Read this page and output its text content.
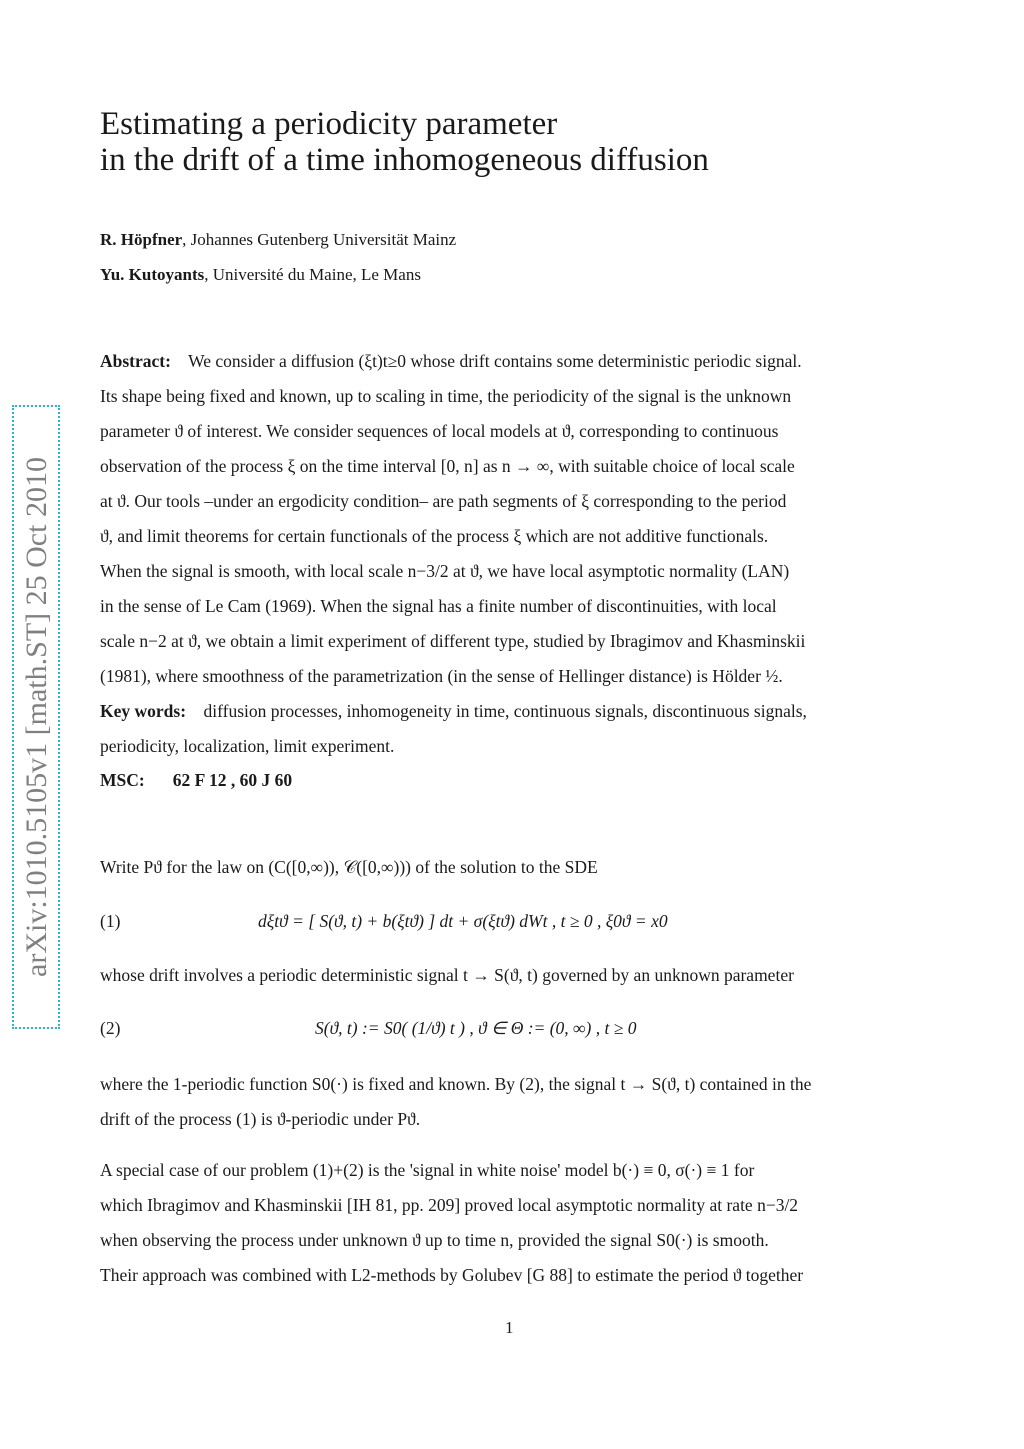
Estimating a periodicity parameter
in the drift of a time inhomogeneous diffusion
R. Höpfner, Johannes Gutenberg Universität Mainz
Yu. Kutoyants, Université du Maine, Le Mans
arXiv:1010.5105v1 [math.ST] 25 Oct 2010
Abstract: We consider a diffusion (ξt)t≥0 whose drift contains some deterministic periodic signal.
Its shape being fixed and known, up to scaling in time, the periodicity of the signal is the unknown
parameter ϑ of interest. We consider sequences of local models at ϑ, corresponding to continuous
observation of the process ξ on the time interval [0, n] as n → ∞, with suitable choice of local scale
at ϑ. Our tools –under an ergodicity condition– are path segments of ξ corresponding to the period
ϑ, and limit theorems for certain functionals of the process ξ which are not additive functionals.
When the signal is smooth, with local scale n−3/2 at ϑ, we have local asymptotic normality (LAN)
in the sense of Le Cam (1969). When the signal has a finite number of discontinuities, with local
scale n−2 at ϑ, we obtain a limit experiment of different type, studied by Ibragimov and Khasminskii
(1981), where smoothness of the parametrization (in the sense of Hellinger distance) is Hölder ½.
Key words: diffusion processes, inhomogeneity in time, continuous signals, discontinuous signals,
periodicity, localization, limit experiment.
MSC: 62 F 12 , 60 J 60
Write Pϑ for the law on (C([0,∞)), 𝒞([0,∞))) of the solution to the SDE
(1)	dξtϑ = [ S(ϑ, t) + b(ξtϑ) ] dt + σ(ξtϑ) dWt , t ≥ 0 , ξ0ϑ = x0
whose drift involves a periodic deterministic signal t → S(ϑ, t) governed by an unknown parameter
(2)	S(ϑ, t) := S0( (1/ϑ) t ) , ϑ ∈ Θ := (0, ∞) , t ≥ 0
where the 1-periodic function S0(·) is fixed and known. By (2), the signal t → S(ϑ, t) contained in the
drift of the process (1) is ϑ-periodic under Pϑ.
A special case of our problem (1)+(2) is the 'signal in white noise' model b(·) ≡ 0, σ(·) ≡ 1 for
which Ibragimov and Khasminskii [IH 81, pp. 209] proved local asymptotic normality at rate n−3/2
when observing the process under unknown ϑ up to time n, provided the signal S0(·) is smooth.
Their approach was combined with L2-methods by Golubev [G 88] to estimate the period ϑ together
1
